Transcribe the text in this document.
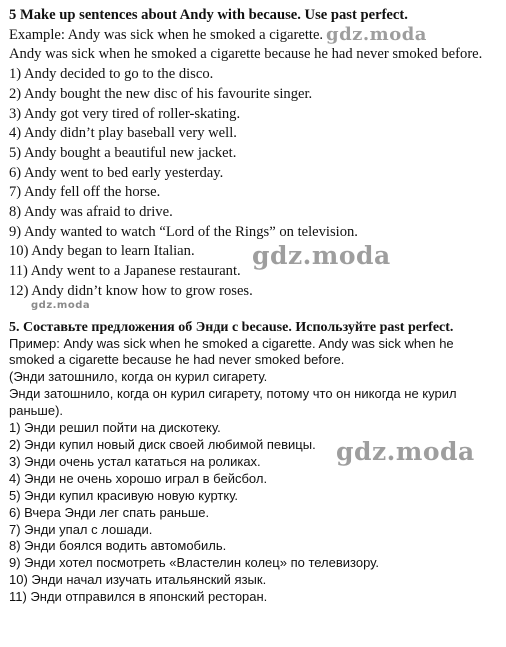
5 Make up sentences about Andy with because. Use past perfect.
Example: Andy was sick when he smoked a cigarette.
Andy was sick when he smoked a cigarette because he had never smoked before.
1) Andy decided to go to the disco.
2) Andy bought the new disc of his favourite singer.
3) Andy got very tired of roller-skating.
4) Andy didn’t play baseball very well.
5) Andy bought a beautiful new jacket.
6) Andy went to bed early yesterday.
7) Andy fell off the horse.
8) Andy was afraid to drive.
9) Andy wanted to watch “Lord of the Rings” on television.
10) Andy began to learn Italian.
11) Andy went to a Japanese restaurant.
12) Andy didn’t know how to grow roses.
5. Составьте предложения об Энди с because. Используйте past perfect.
Пример: Andy was sick when he smoked a cigarette. Andy was sick when he
smoked a cigarette because he had never smoked before.
(Энди затошнило, когда он курил сигарету.
Энди затошнило, когда он курил сигарету, потому что он никогда не курил
раньше).
1) Энди решил пойти на дискотеку.
2) Энди купил новый диск своей любимой певицы.
3) Энди очень устал кататься на роликах.
4) Энди не очень хорошо играл в бейсбол.
5) Энди купил красивую новую куртку.
6) Вчера Энди лег спать раньше.
7) Энди упал с лошади.
8) Энди боялся водить автомобиль.
9) Энди хотел посмотреть «Властелин колец» по телевизору.
10) Энди начал изучать итальянский язык.
11) Энди отправился в японский ресторан.
gdz.moda
gdz.moda
gdz.moda
gdz.moda
